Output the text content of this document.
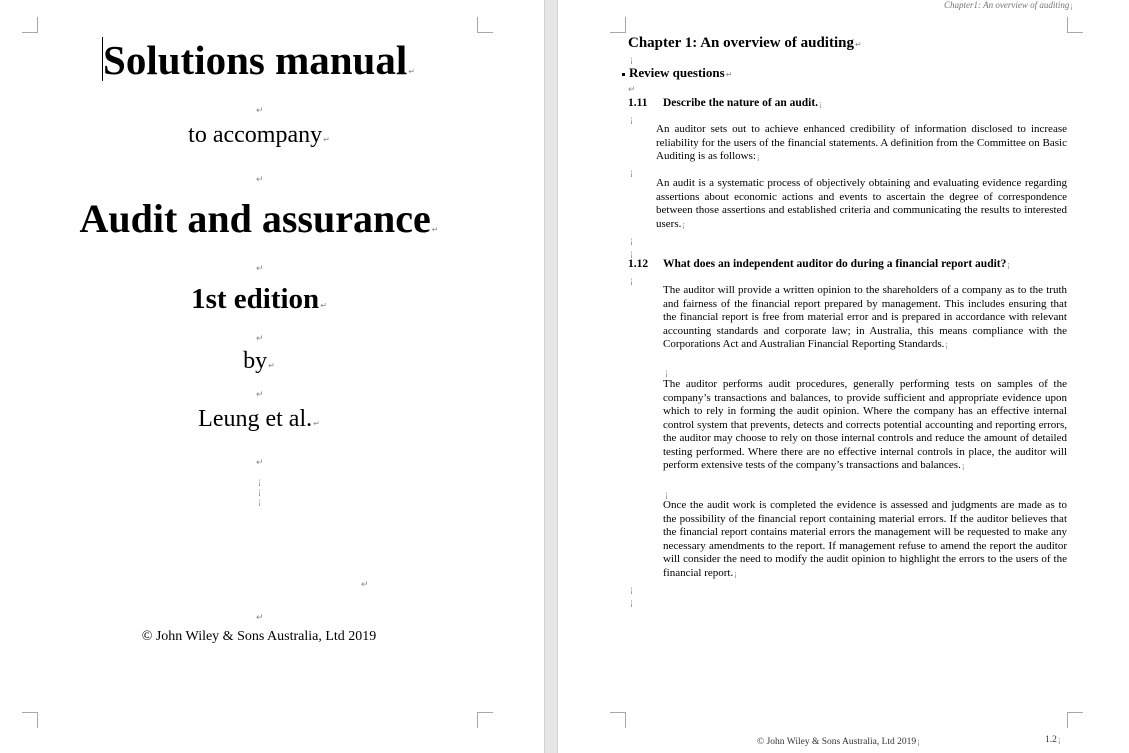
Solutions manual↵
↵
to accompany↵
↵
Audit and assurance↵
↵
1st edition↵
↵
by↵
↵
Leung et al.↵
↵
¡
¡
¡
↵
↵
© John Wiley & Sons Australia, Ltd 2019
Chapter1: An overview of auditing¡
Chapter 1: An overview of auditing↵
¡
Review questions↵
↵
1.11 Describe the nature of an audit.¡
¡
An auditor sets out to achieve enhanced credibility of information disclosed to increase reliability for the users of the financial statements. A definition from the Committee on Basic Auditing is as follows:¡
¡
An audit is a systematic process of objectively obtaining and evaluating evidence regarding assertions about economic actions and events to ascertain the degree of correspondence between those assertions and established criteria and communicating the results to interested users.¡
¡
¡
1.12 What does an independent auditor do during a financial report audit?¡
¡
The auditor will provide a written opinion to the shareholders of a company as to the truth and fairness of the financial report prepared by management. This includes ensuring that the financial report is free from material error and is prepared in accordance with relevant accounting standards and corporate law; in Australia, this means compliance with the Corporations Act and Australian Financial Reporting Standards.¡
¡
The auditor performs audit procedures, generally performing tests on samples of the company’s transactions and balances, to provide sufficient and appropriate evidence upon which to rely in forming the audit opinion. Where the company has an effective internal control system that prevents, detects and corrects potential accounting and reporting errors, the auditor may choose to rely on those internal controls and reduce the amount of detailed testing performed. Where there are no effective internal controls in place, the auditor will perform extensive tests of the company’s transactions and balances.¡
¡
Once the audit work is completed the evidence is assessed and judgments are made as to the possibility of the financial report containing material errors. If the auditor believes that the financial report contains material errors the management will be requested to make any necessary amendments to the report. If management refuse to amend the report the auditor will consider the need to modify the audit opinion to highlight the errors to the users of the financial report.¡
¡
¡
© John Wiley & Sons Australia, Ltd 2019¡	1.2¡
